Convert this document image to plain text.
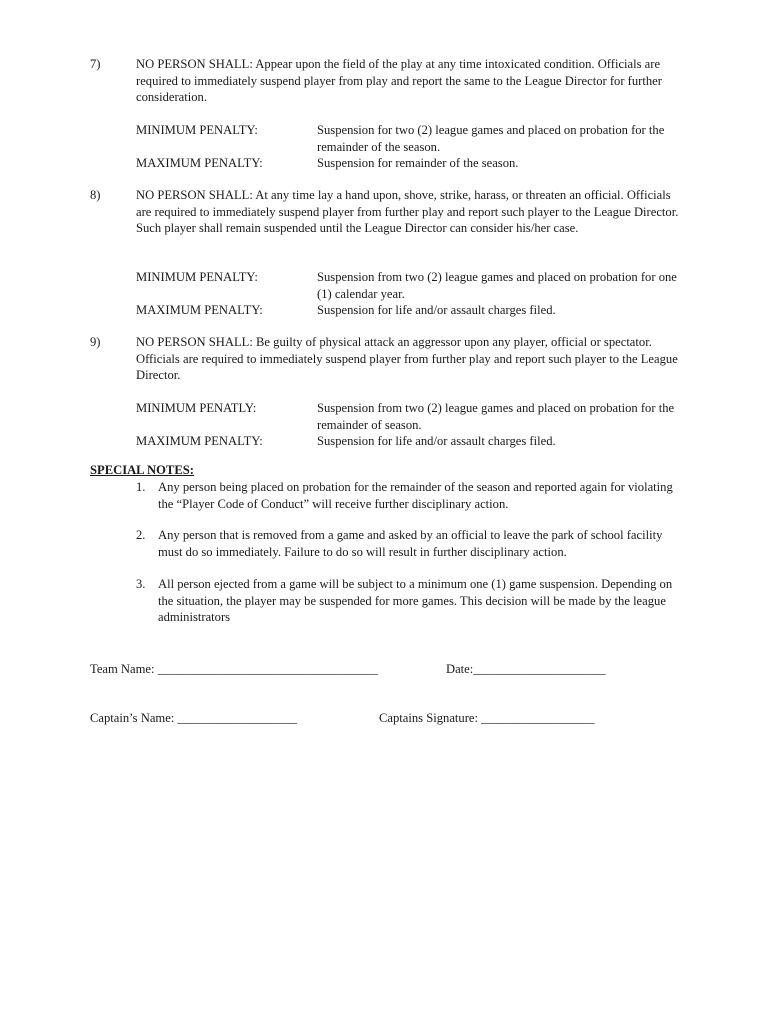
7)	NO PERSON SHALL: Appear upon the field of the play at any time intoxicated condition. Officials are required to immediately suspend player from play and report the same to the League Director for further consideration.
MINIMUM PENALTY:	Suspension for two (2) league games and placed on probation for the remainder of the season.
MAXIMUM PENALTY:	Suspension for remainder of the season.
8)	NO PERSON SHALL: At any time lay a hand upon, shove, strike, harass, or threaten an official. Officials are required to immediately suspend player from further play and report such player to the League Director. Such player shall remain suspended until the League Director can consider his/her case.
MINIMUM PENALTY:	Suspension from two (2) league games and placed on probation for one (1) calendar year.
MAXIMUM PENALTY:	Suspension for life and/or assault charges filed.
9)	NO PERSON SHALL: Be guilty of physical attack an aggressor upon any player, official or spectator. Officials are required to immediately suspend player from further play and report such player to the League Director.
MINIMUM PENATLY:	Suspension from two (2) league games and placed on probation for the remainder of season.
MAXIMUM PENALTY:	Suspension for life and/or assault charges filed.
SPECIAL NOTES:
1. Any person being placed on probation for the remainder of the season and reported again for violating the “Player Code of Conduct” will receive further disciplinary action.
2. Any person that is removed from a game and asked by an official to leave the park of school facility must do so immediately. Failure to do so will result in further disciplinary action.
3. All person ejected from a game will be subject to a minimum one (1) game suspension. Depending on the situation, the player may be suspended for more games. This decision will be made by the league administrators
Team Name: ___________________________________	Date:_____________________
Captain’s Name: ___________________	Captains Signature: __________________
